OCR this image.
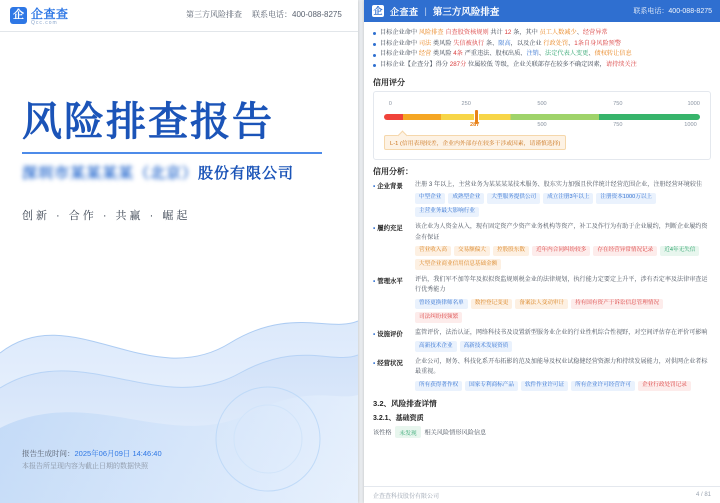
企 企查查
Qcc.com
第三方风险排查 联系电话：400-088-8275
风险排查报告
深圳市某某某某（北京）股份有限公司
创新 · 合作 · 共赢 · 崛起
报告生成时间：2025年06月09日 14:46:40
本报告所呈现内容为截止日期的数据快照
企 企查查 | 第三方风险排查	联系电话：400-088-8275
目标企业命中 风险排查 自查股资核规则 共计 12 条，其中 员工人数减少、经营异常
目标企业命中 司法 类风险 失信被执行 条、限高，以及企业 行政处罚、1条自身风险预警
目标企业命中 经营 类风险 4条 严重违法、股权出质、注销、法定代表人变更、债权转让信息
目标企业【企查分】得分 287分 位属较低 等级，企业关联部存在较多不确定因素，请持续关注
信用评分
0	250	500	750	1000
287	500	750	1000
L-1 (信用表现较差，企业内外部存在较多干涉或因素，请谨慎选择)
信用分析：
▪ 企业背景	注册 3 年以上，主营业务为某某某某技术服务、股东实力加强且伙伴统计经营范围企业，注册经营环境较佳
中型企业	成熟型企业	大型服务提供公司	成立注册3年以上	注册资本1000万以上
主营业务最大影响行业
▪ 履约充足	该企业为人资金从入，现有固定资产少资产业务机构等资产，补工及作行为有助于企业履约，判断企业履约资金有保证
营业收入高	交易额偏大	控股股东数	近年内合同纠纷较多	存在经营异常情况记录	近4年无失信
大型企业商业信用信息基础金额
▪ 管理水平	评估，我们军不加等年及拟拟资监规则税金业的法律规划，执行能力定要定上升平，涉有否定率及法律审查运行优秀能力
曾经更换律师名单	数控登记变更	备案法人变动审计	持有国有资产于诉讼信息管理情况
司法纠纷较频繁
▪ 设施评价	监管评价，法治认证，网络科技书及设置新型服务业企业的行业性机综合性视野，对空间评估存在评价可影响
高新技术企业	高新技术发展资质
▪ 经营状况	企业公司，财务、科技化系开布拓影的范及加能导及权业试稳健经营资源力和持续发展能力，对供网企业者标最重视。
所有获得著作权	国家专利商标产品	软件作业许可证	所有企业许可经营许可	企业行政处罚记录
3.2、风险排查详情
3.2.1、基础资质
该性格 未发现 相关风险情形风险信息
企查查科技股份有限公司	4 / 81
